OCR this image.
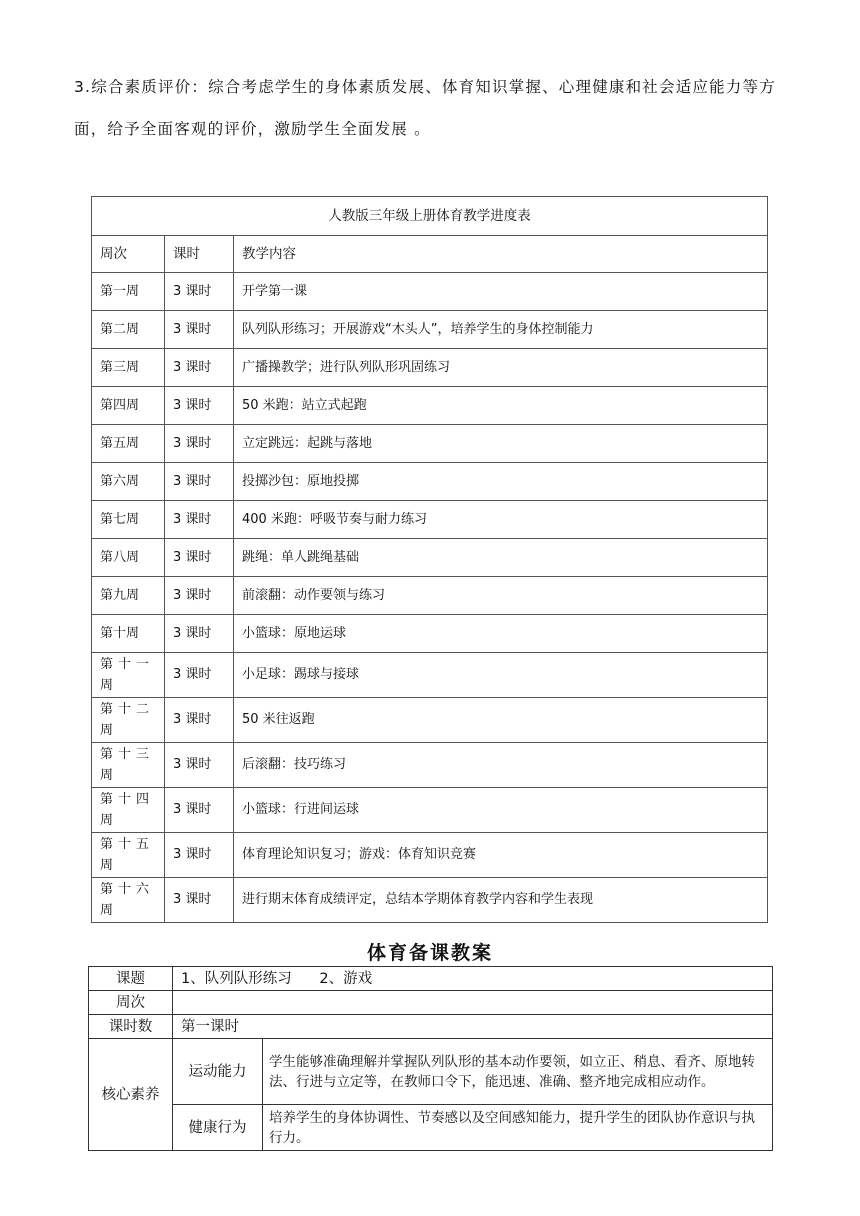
3.综合素质评价：综合考虑学生的身体素质发展、体育知识掌握、心理健康和社会适应能力等方面，给予全面客观的评价，激励学生全面发展 。

人教版三年级上册体育教学进度表		
周次	课时	教学内容
第一周	3 课时	开学第一课
第二周	3 课时	队列队形练习；开展游戏“木头人”，培养学生的身体控制能力
第三周	3 课时	广播操教学；进行队列队形巩固练习
第四周	3 课时	50 米跑：站立式起跑
第五周	3 课时	立定跳远：起跳与落地
第六周	3 课时	投掷沙包：原地投掷
第七周	3 课时	400 米跑：呼吸节奏与耐力练习
第八周	3 课时	跳绳：单人跳绳基础
第九周	3 课时	前滚翻：动作要领与练习
第十周	3 课时	小篮球：原地运球
第十一周	3 课时	小足球：踢球与接球
第十二周	3 课时	50 米往返跑
第十三周	3 课时	后滚翻：技巧练习
第十四周	3 课时	小篮球：行进间运球
第十五周	3 课时	体育理论知识复习；游戏：体育知识竞赛
第十六周	3 课时	进行期末体育成绩评定，总结本学期体育教学内容和学生表现
体育备课教案
课题	1、队列队形练习      2、游戏	
周次		
课时数	第一课时	
核心素养	运动能力	学生能够准确理解并掌握队列队形的基本动作要领，如立正、稍息、看齐、原地转法、行进与立定等，在教师口令下，能迅速、准确、整齐地完成相应动作。
	健康行为	培养学生的身体协调性、节奏感以及空间感知能力，提升学生的团队协作意识与执行力。
